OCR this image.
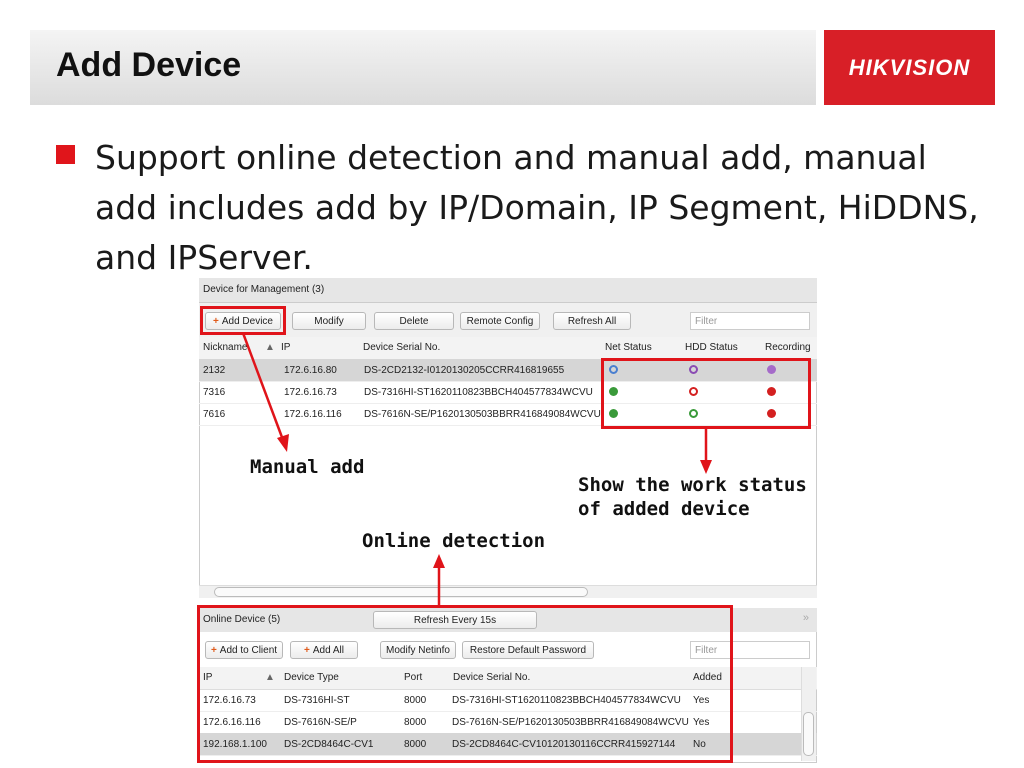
Add Device	HIKVISION
Support online detection and manual add, manual add includes add by IP/Domain, IP Segment, HiDDNS, and IPServer.
Device for Management (3)
+ Add Device	Modify	Delete	Remote Config	Refresh All	Filter
Nickname ▲ IP	Device Serial No.	Net Status	HDD Status	Recording
2132	172.6.16.80	DS-2CD2132-I0120130205CCRR416819655
7316	172.6.16.73	DS-7316HI-ST1620110823BBCH404577834WCVU
7616	172.6.16.116 DS-7616N-SE/P1620130503BBRR416849084WCVU
Online Device (5)	»
Refresh Every 15s
+ Add to Client	+ Add All	Modify Netinfo	Restore Default Password	Filter
IP	▲ Device Type	Port	Device Serial No.	Added
172.6.16.73	DS-7316HI-ST	8000	DS-7316HI-ST1620110823BBCH404577834WCVU Yes
172.6.16.116 DS-7616N-SE/P	8000	DS-7616N-SE/P1620130503BBRR416849084WCVU Yes
192.168.1.100 DS-2CD8464C-CV1	8000	DS-2CD8464C-CV10120130116CCRR415927144 No
Manual add
Show the work status
of added device
Online detection
